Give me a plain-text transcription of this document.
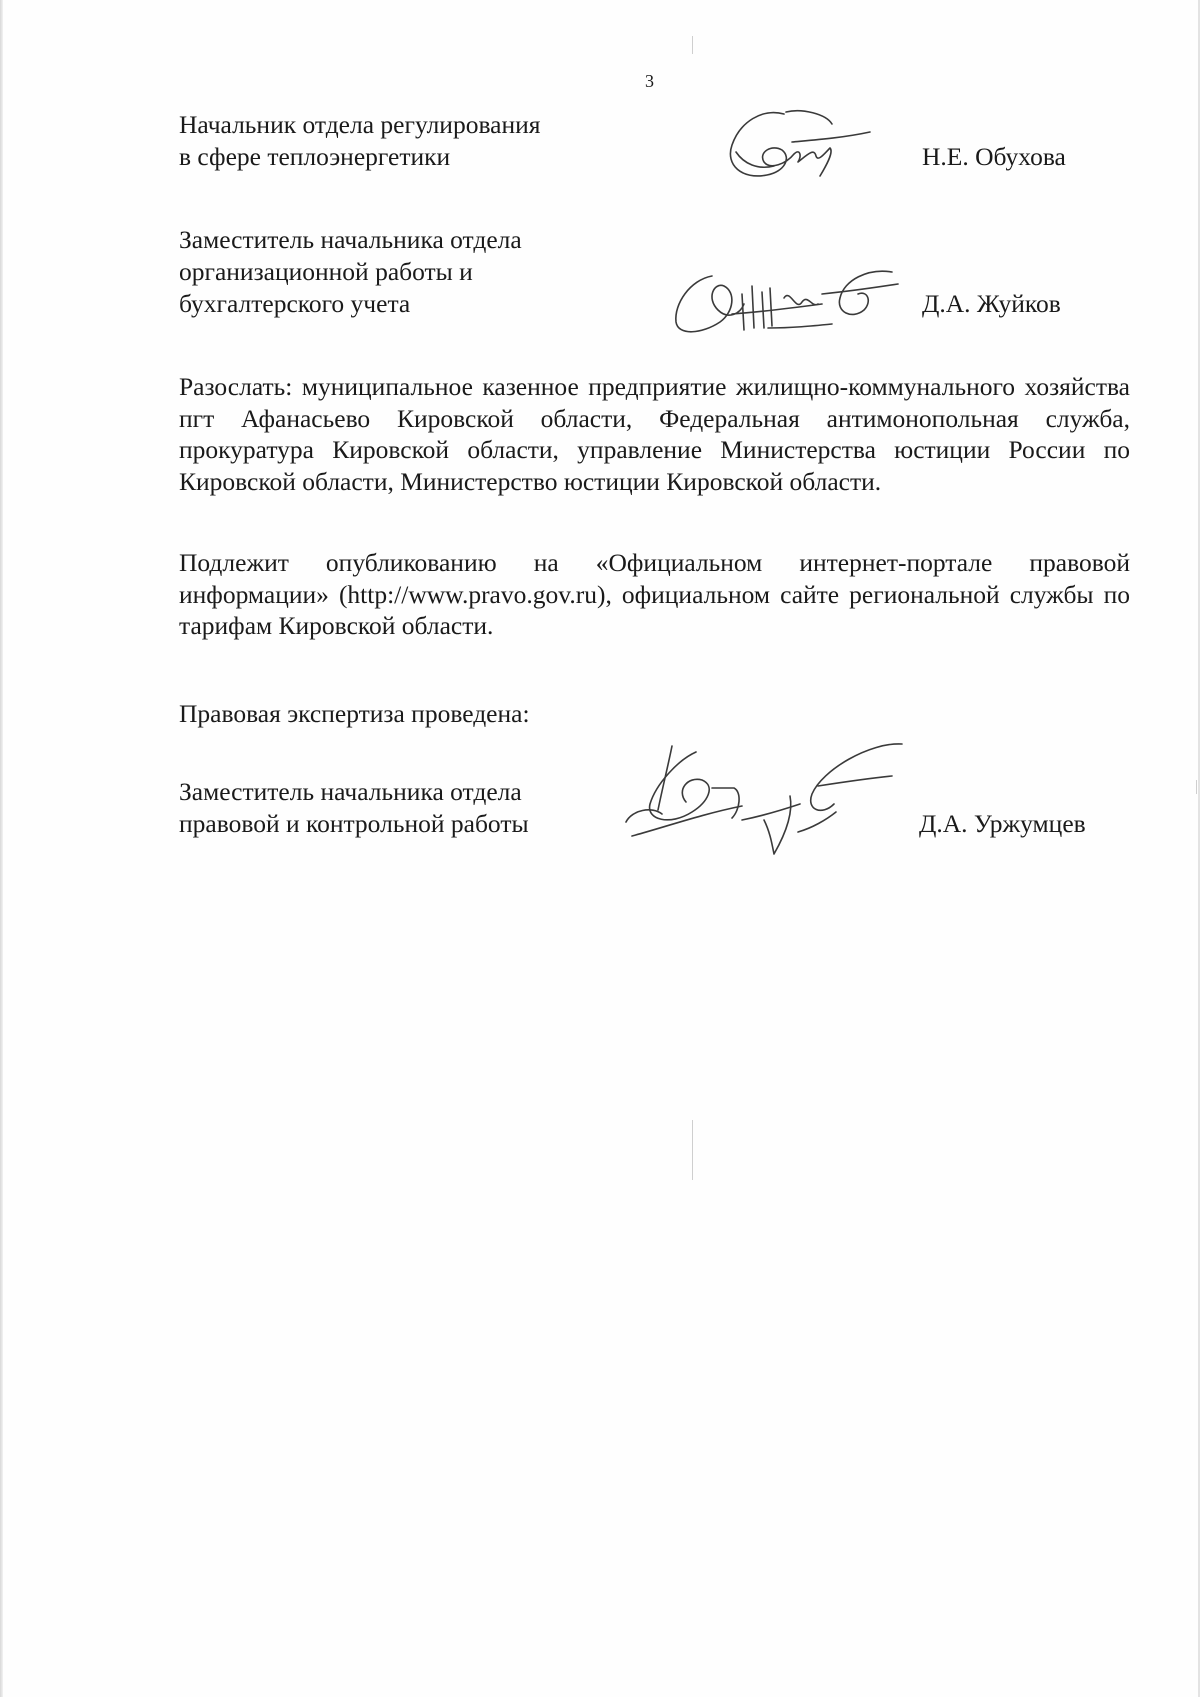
3
Начальник отдела регулирования
в сфере теплоэнергетики	Н.Е. Обухова
Заместитель начальника отдела
организационной работы и
бухгалтерского учета	Д.А. Жуйков
Разослать: муниципальное казенное предприятие жилищно-коммунального хозяйства пгт Афанасьево Кировской области, Федеральная антимонопольная служба, прокуратура Кировской области, управление Министерства юстиции России по Кировской области, Министерство юстиции Кировской области.
Подлежит опубликованию на «Официальном интернет-портале правовой информации» (http://www.pravo.gov.ru), официальном сайте региональной службы по тарифам Кировской области.
Правовая экспертиза проведена:
Заместитель начальника отдела
правовой и контрольной работы	Д.А. Уржумцев
